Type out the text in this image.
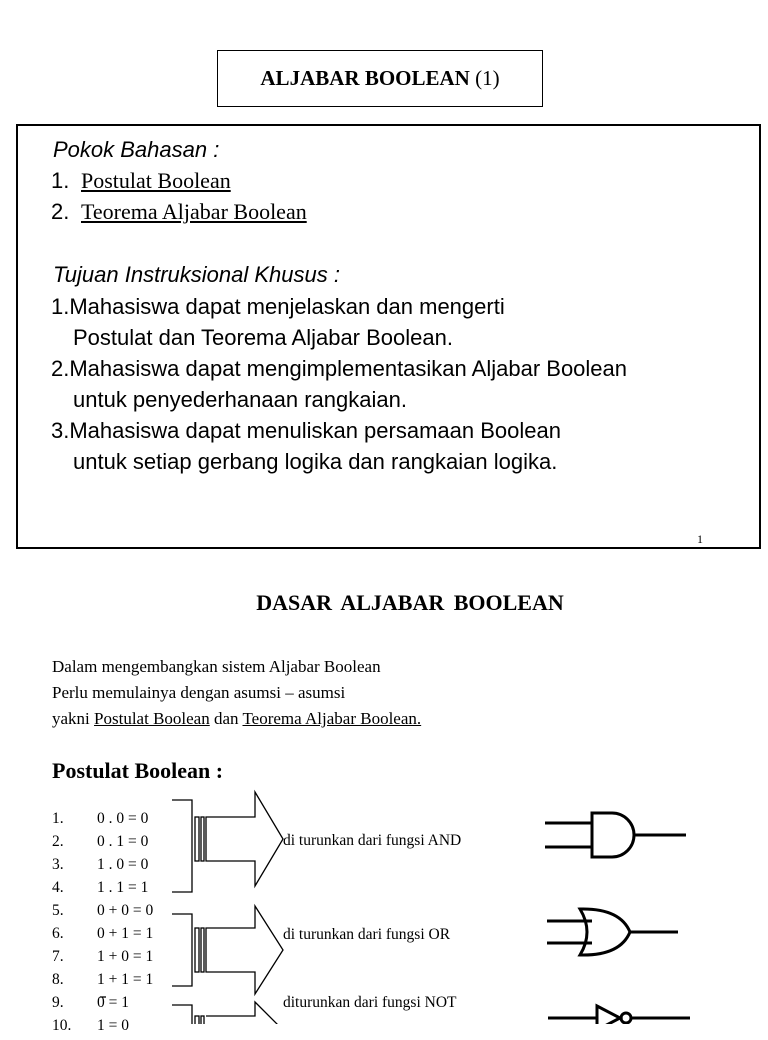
ALJABAR BOOLEAN (1)
Pokok Bahasan :
1. Postulat Boolean
2. Teorema Aljabar Boolean
Tujuan Instruksional Khusus :
1.Mahasiswa dapat menjelaskan dan mengerti
Postulat dan Teorema Aljabar Boolean.
2.Mahasiswa dapat mengimplementasikan Aljabar Boolean
untuk penyederhanaan rangkaian.
3.Mahasiswa dapat menuliskan persamaan Boolean
untuk setiap gerbang logika dan rangkaian logika.
1
DASAR ALJABAR BOOLEAN
Dalam mengembangkan sistem Aljabar Boolean
Perlu memulainya dengan asumsi – asumsi
yakni Postulat Boolean dan Teorema Aljabar Boolean.
Postulat Boolean :
1. 0 . 0 = 0
2. 0 . 1 = 0
3. 1 . 0 = 0
4. 1 . 1 = 1
5. 0 + 0 = 0
6. 0 + 1 = 1
7. 1 + 0 = 1
8. 1 + 1 = 1
9. 0 = 1
10. 1 = 0
di turunkan dari fungsi AND
di turunkan dari fungsi OR
diturunkan dari fungsi NOT
